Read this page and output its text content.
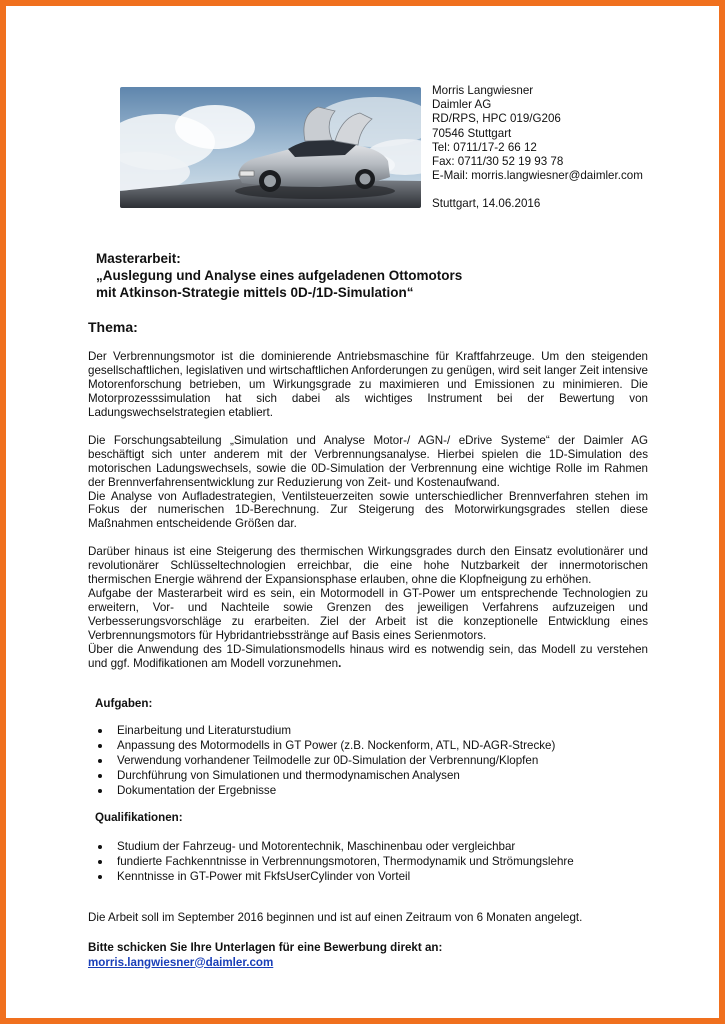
Morris Langwiesner
Daimler AG
RD/RPS, HPC 019/G206
70546 Stuttgart
Tel: 0711/17-2 66 12
Fax: 0711/30 52 19 93 78
E-Mail: morris.langwiesner@daimler.com
Stuttgart, 14.06.2016
Masterarbeit:
„Auslegung und Analyse eines aufgeladenen Ottomotors
mit Atkinson-Strategie mittels 0D-/1D-Simulation“
Thema:

Der Verbrennungsmotor ist die dominierende Antriebsmaschine für Kraftfahrzeuge. Um den steigenden gesellschaftlichen, legislativen und wirtschaftlichen Anforderungen zu genügen, wird seit langer Zeit intensive Motorenforschung betrieben, um Wirkungsgrade zu maximieren und Emissionen zu minimieren. Die Motorprozesssimulation hat sich dabei als wichtiges Instrument bei der Bewertung von Ladungswechselstrategien etabliert.

Die Forschungsabteilung „Simulation und Analyse Motor-/ AGN-/ eDrive Systeme“ der Daimler AG beschäftigt sich unter anderem mit der Verbrennungsanalyse. Hierbei spielen die 1D-Simulation des motorischen Ladungswechsels, sowie die 0D-Simulation der Verbrennung eine wichtige Rolle im Rahmen der Brennverfahrensentwicklung zur Reduzierung von Zeit- und Kostenaufwand.

Die Analyse von Aufladestrategien, Ventilsteuerzeiten sowie unterschiedlicher Brennverfahren stehen im Fokus der numerischen 1D-Berechnung. Zur Steigerung des Motorwirkungsgrades stellen diese Maßnahmen entscheidende Größen dar.

Darüber hinaus ist eine Steigerung des thermischen Wirkungsgrades durch den Einsatz evolutionärer und revolutionärer Schlüsseltechnologien erreichbar, die eine hohe Nutzbarkeit der innermotorischen thermischen Energie während der Expansionsphase erlauben, ohne die Klopfneigung zu erhöhen.

Aufgabe der Masterarbeit wird es sein, ein Motormodell in GT-Power um entsprechende Technologien zu erweitern, Vor- und Nachteile sowie Grenzen des jeweiligen Verfahrens aufzuzeigen und Verbesserungsvorschläge zu erarbeiten. Ziel der Arbeit ist die konzeptionelle Entwicklung eines Verbrennungsmotors für Hybridantriebsstränge auf Basis eines Serienmotors.

Über die Anwendung des 1D-Simulationsmodells hinaus wird es notwendig sein, das Modell zu verstehen und ggf. Modifikationen am Modell vorzunehmen.

Aufgaben:
Einarbeitung und Literaturstudium
Anpassung des Motormodells in GT Power (z.B. Nockenform, ATL, ND-AGR-Strecke)
Verwendung vorhandener Teilmodelle zur 0D-Simulation der Verbrennung/Klopfen
Durchführung von Simulationen und thermodynamischen Analysen
Dokumentation der Ergebnisse
Qualifikationen:
Studium der Fahrzeug- und Motorentechnik, Maschinenbau oder vergleichbar
fundierte Fachkenntnisse in Verbrennungsmotoren, Thermodynamik und Strömungslehre
Kenntnisse in GT-Power mit FkfsUserCylinder von Vorteil
Die Arbeit soll im September 2016 beginnen und ist auf einen Zeitraum von 6 Monaten angelegt.
Bitte schicken Sie Ihre Unterlagen für eine Bewerbung direkt an:
morris.langwiesner@daimler.com
